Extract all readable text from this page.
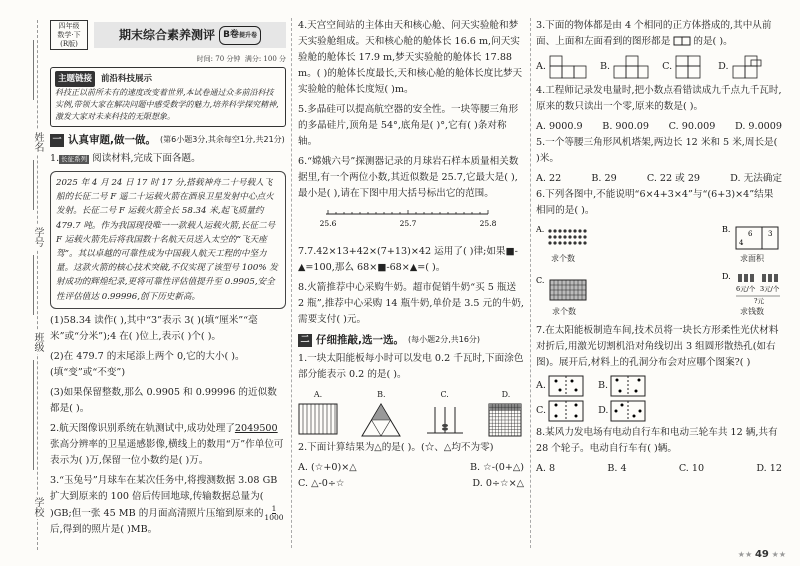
姓名
学号
班级
学校
四年级
数学·下
(R版)
期末综合素养测评 B卷提升卷
时间: 70 分钟 满分: 100 分
主题链接	前沿科技展示
科技正以前所未有的速度改变着世界,本试卷通过众多前沿科技实例,带领大家在解决问题中感受数学的魅力,培养科学探究精神,激发大家对未来科技的无限想象。
一 认真审题,做一做。 (第6小题3分,其余每空1分,共21分)

1. 长征系列 阅读材料,完成下面各题。

2025 年 4 月 24 日 17 时 17 分,搭载神舟二十号载人飞船的长征二号 F 遥二十运载火箭在酒泉卫星发射中心点火发射。长征二号 F 运载火箭全长 58.34 米,起飞质量约 479.7 吨。作为我国现役唯一一款载人运载火箭,长征二号 F 运载火箭先后将我国数十名航天员送入太空的“飞天座驾”。其以卓越的可靠性成为中国载人航天工程的中坚力量。这款火箭的核心技术突破,不仅实现了该型号 100% 发射成功的辉煌纪录,更将可靠性评估值提升至 0.9905,安全性评估值达 0.99996,创下历史新高。

(1)58.34 读作( ),其中“3”表示 3( )(填“厘米”“毫米”或“分米”);4 在( )位上,表示( )个( )。

(2)在 479.7 的末尾添上两个 0,它的大小( )。(填“变”或“不变”)

(3)如果保留整数,那么 0.9905 和 0.99996 的近似数都是( )。

2.航天图像识别系统在轨测试中,成功处理了2049500张高分辨率的卫星遥感影像,横线上的数用“万”作单位可表示为( )万,保留一位小数约是( )万。

3.“玉兔号”月球车在某次任务中,将搜测数据 3.08 GB 扩大到原来的 100 倍后传回地球,传输数据总量为( )GB;但一张 45 MB 的月面高清照片压缩到原来的 $\frac{1}{1000}$
后,得到的照片是( )MB。

4.天宫空间站的主体由天和核心舱、问天实验舱和梦天实验舱组成。天和核心舱的舱体长 16.6 m,问天实验舱的舱体长 17.9 m,梦天实验舱的舱体长 17.88 m。( )的舱体长度最长,天和核心舱的舱体长度比梦天实验舱的舱体长度短( )m。

5.多晶硅可以提高航空器的安全性。一块等腰三角形的多晶硅片,顶角是 54°,底角是( )°,它有( )条对称轴。

6.“嫦娥六号”探测器记录的月球岩石样本质量相关数据里,有一个两位小数,其近似数是 25.7,它最大是( ),最小是( ),请在下图中用大括号标出它的范围。

25.6	25.7	25.8

7.7.42×13+42×(7+13)×42 运用了( )律;如果■-▲=100,那么 68×■-68×▲=( )。

8.火箭推荐中心采购牛奶。超市促销牛奶“买 5 瓶送 2 瓶”,推荐中心采购 14 瓶牛奶,单价是 3.5 元的牛奶,需要支付( )元。

二 仔细推敲,选一选。 (每小题2分,共16分)

1.一块太阳能板每小时可以发电 0.2 千瓦时,下面涂色部分能表示 0.2 的是( )。

A.	B.	C.	D.

2.下面计算结果为△的是( )。(☆、△均不为零)

A. (☆+0)×△	B. ☆-(0+△)
C. △-0÷☆	D. 0÷☆×△

3.下面的物体都是由 4 个相同的正方体搭成的,其中从前面、上面和左面看到的图形都是 的是( )。

A.	B.	C.	D.

4.工程师记录发电量时,把小数点看错读成九千点九千瓦时,原来的数只读出一个零,原来的数是( )。

A. 9000.9 B. 900.09 C. 90.009 D. 9.0009

5.一个等腰三角形风机塔架,两边长 12 米和 5 米,周长是( )米。

A. 22	B. 29	C. 22 或 29	D. 无法确定

6.下列各图中,不能说明“6×4+3×4”与“(6+3)×4”结果相同的是( )。

A.
求个数
B.	6 3
4
求面积
C.
求个数
D.
6元/个 3元/个
?元
求钱数

7.在太阳能板制造车间,技术员将一块长方形柔性光伏材料对折后,用激光切割机沿对角线切出 3 组圆形散热孔(如右图)。展开后,材料上的孔洞分布会对应哪个图案?( )

A.	B.
C.	D.

8.某风力发电场有电动自行车和电动三轮车共 12 辆,共有 28 个轮子。电动自行车有( )辆。

A. 8	B. 4	C. 10	D. 12
★★ 49 ★★
